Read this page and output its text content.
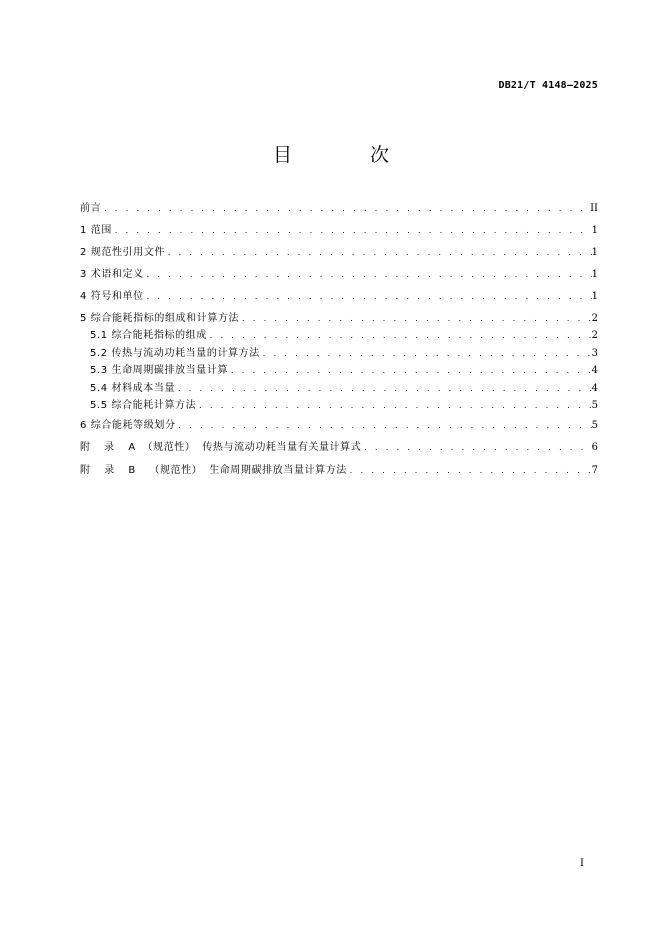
DB21/T 4148—2025
目 次
前言 . . .	II
1 范围 . . .	1
2 规范性引用文件 . . .	1
3 术语和定义 . . .	1
4 符号和单位 . . .	1
5 综合能耗指标的组成和计算方法 . . .	2
5.1 综合能耗指标的组成 . . .	2
5.2 传热与流动功耗当量的计算方法 . . .	3
5.3 生命周期碳排放当量计算 . . .	4
5.4 材料成本当量 . . .	4
5.5 综合能耗计算方法 . . .	5
6 综合能耗等级划分 . . .	5
附  录  A （规范性） 传热与流动功耗当量有关量计算式 . . .	6
附  录  B  （规范性） 生命周期碳排放当量计算方法 . . .	7
I
